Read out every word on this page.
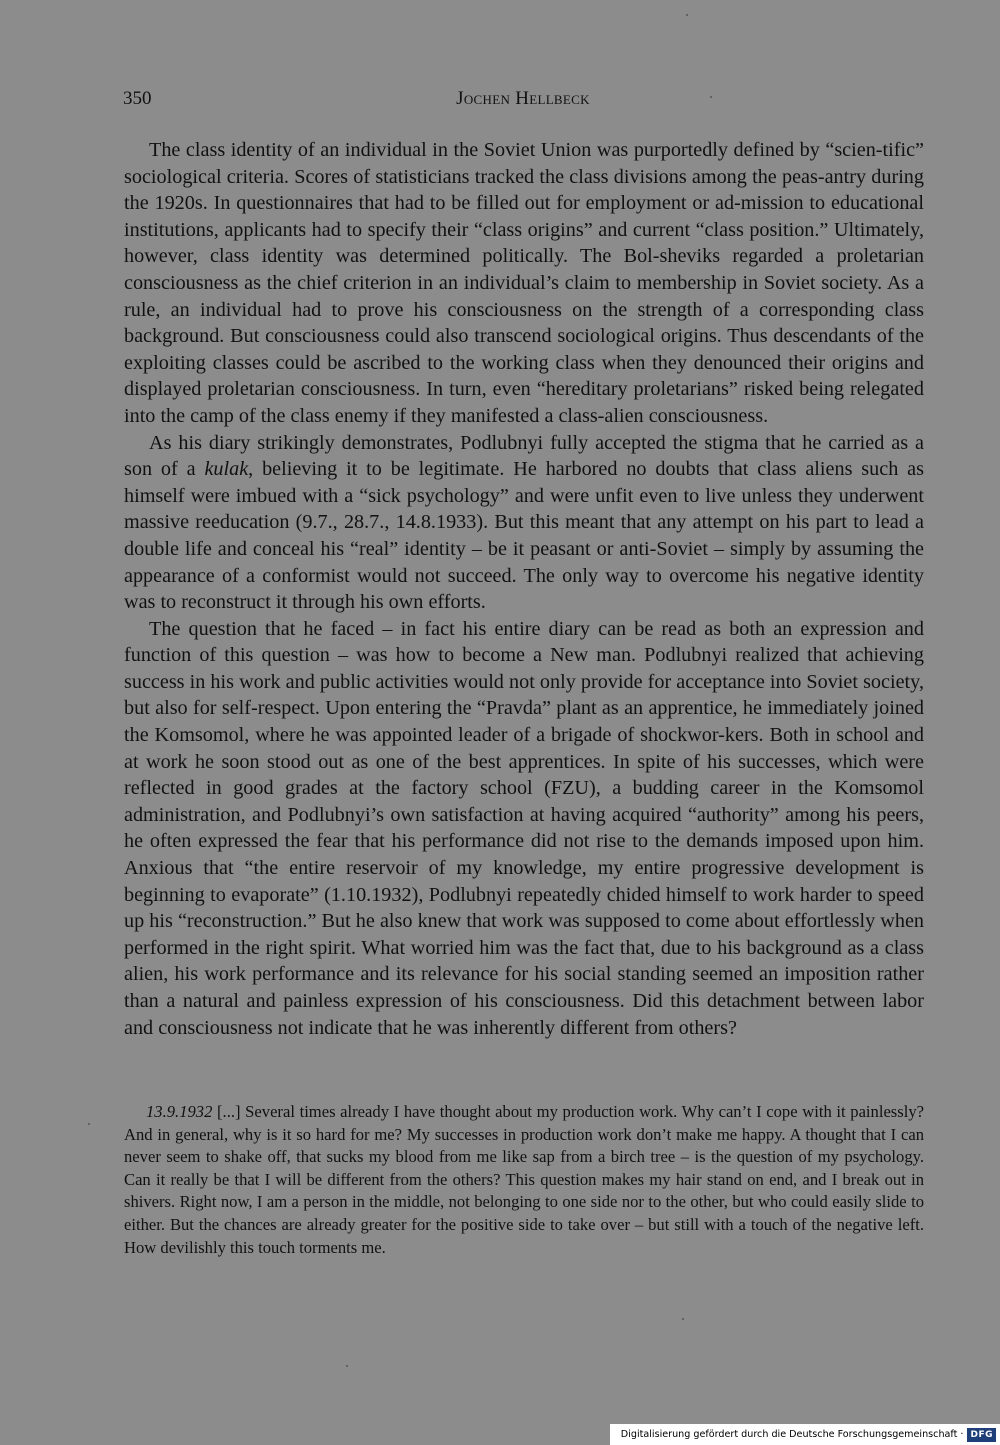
350	Jochen Hellbeck

The class identity of an individual in the Soviet Union was purportedly defined by “scien-tific” sociological criteria. Scores of statisticians tracked the class divisions among the peas-antry during the 1920s. In questionnaires that had to be filled out for employment or ad-mission to educational institutions, applicants had to specify their “class origins” and current “class position.” Ultimately, however, class identity was determined politically. The Bol-sheviks regarded a proletarian consciousness as the chief criterion in an individual’s claim to membership in Soviet society. As a rule, an individual had to prove his consciousness on the strength of a corresponding class background. But consciousness could also transcend sociological origins. Thus descendants of the exploiting classes could be ascribed to the working class when they denounced their origins and displayed proletarian consciousness. In turn, even “hereditary proletarians” risked being relegated into the camp of the class enemy if they manifested a class-alien consciousness.

As his diary strikingly demonstrates, Podlubnyi fully accepted the stigma that he carried as a son of a kulak, believing it to be legitimate. He harbored no doubts that class aliens such as himself were imbued with a “sick psychology” and were unfit even to live unless they underwent massive reeducation (9.7., 28.7., 14.8.1933). But this meant that any attempt on his part to lead a double life and conceal his “real” identity – be it peasant or anti-Soviet – simply by assuming the appearance of a conformist would not succeed. The only way to overcome his negative identity was to reconstruct it through his own efforts.

The question that he faced – in fact his entire diary can be read as both an expression and function of this question – was how to become a New man. Podlubnyi realized that achieving success in his work and public activities would not only provide for acceptance into Soviet society, but also for self-respect. Upon entering the “Pravda” plant as an apprentice, he immediately joined the Komsomol, where he was appointed leader of a brigade of shockwor-kers. Both in school and at work he soon stood out as one of the best apprentices. In spite of his successes, which were reflected in good grades at the factory school (FZU), a budding career in the Komsomol administration, and Podlubnyi’s own satisfaction at having acquired “authority” among his peers, he often expressed the fear that his performance did not rise to the demands imposed upon him. Anxious that “the entire reservoir of my knowledge, my entire progressive development is beginning to evaporate” (1.10.1932), Podlubnyi repeatedly chided himself to work harder to speed up his “reconstruction.” But he also knew that work was supposed to come about effortlessly when performed in the right spirit. What worried him was the fact that, due to his background as a class alien, his work performance and its relevance for his social standing seemed an imposition rather than a natural and painless expression of his consciousness. Did this detachment between labor and consciousness not indicate that he was inherently different from others?

13.9.1932 [...] Several times already I have thought about my production work. Why can’t I cope with it painlessly? And in general, why is it so hard for me? My successes in production work don’t make me happy. A thought that I can never seem to shake off, that sucks my blood from me like sap from a birch tree – is the question of my psychology. Can it really be that I will be different from the others? This question makes my hair stand on end, and I break out in shivers. Right now, I am a person in the middle, not belonging to one side nor to the other, but who could easily slide to either. But the chances are already greater for the positive side to take over – but still with a touch of the negative left. How devilishly this touch torments me.

Digitalisierung gefördert durch die Deutsche Forschungsgemeinschaft · DFG
